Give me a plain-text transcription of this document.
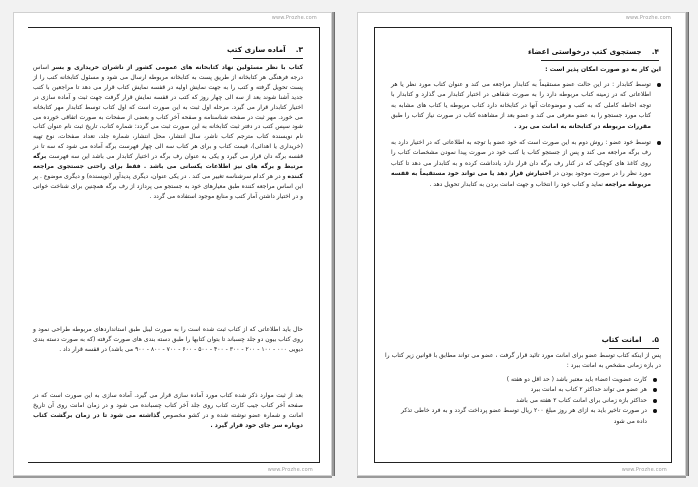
www.Prozhe.com
۳.  آماده سازی کتب
کتاب با نظر مسئولین نهاد کتابخانه های عمومی کشور از ناشران خریداری و بسر اساس درجه فرهنگی هر کتابخانه از طریق پست به کتابخانه مربوطه ارسال می شود و مسئول کتابخانه کتب را از پست تحویل گرفته و کتب را به جهت نمایش اولیه در قفسه نمایش کتاب قرار می دهد تا مراجعین با کتب جدید آشنا شوند بعد از سه الی چهار روز که کتب در قفسه نمایش قرار گرفت جهت ثبت و آماده سازی در اختیار کتابدار قرار می گیرد. مرحله اول ثبت به این صورت است که اول کتاب توسط کتابدار مهر کتابخانه می خورد. مهر ثبت در صفحه شناسنامه و صفحه آخر کتاب و بعضی از صفحات به صورت اتفاقی خورده می شود سپس کتب در دفتر ثبت کتابخانه به این صورت ثبت می گردد: شماره کتاب، تاریخ ثبت نام عنوان کتاب نام نویسنده کتاب مترجم کتاب ناشر، سال انتشار، محل انتشار، شماره جلد، تعداد صفحات، نوع تهیه (خریداری یا اهدائی)، قیمت کتاب و برای هر کتاب سه الی چهار فهرست برگه آماده می شود که سه تا در قفسه برگه دان قرار می گیرد و یکی به عنوان رف برگه در اختیار کتابدار می باشد این سه فهرست برگه مرتبط و برگه های نیز اطلاعات یکسانی می باشد . فقط برای راحتی جستجوی مراجعه کننده و در هر کدام سرشناسه تغییر می کند . در یکی عنوان، دیگری پدیدآور (نویسنده) و دیگری موضوع . پر این اساس مراجعه کننده طبق معیارهای خود به جستجو می پردازد از رف برگه همچنین برای شناخت خوانی و در اختیار داشتن آمار کتب و منابع موجود استفاده می گردد .
حال باید اطلاعاتی که از کتاب ثبت شده است را به صورت لیبل طبق استانداردهای مربوطه طراحی نمود و روی کتاب بیون دو جلد چسباند تا بتوان کتابها را طبق دسته بندی های صورت گرفته (که به صورت دسته بندی دیویی ۰۰۰ - ۱۰۰ - ۲۰۰ - ۳۰۰ - ۴۰۰ - ۵۰۰ - ۶۰۰ - ۷۰۰ - ۸۰۰ - ۹۰۰ می باشد) در قفسه قرار داد .
بعد از ثبت موارد ذکر شده کتاب مورد آماده سازی قرار می گیرد. آماده سازی به این صورت است که در صفحه آخر کتاب جیب کارت کتاب روی جلد آخر کتاب چسبانده می شود و در زمان امانت روی آن تاریخ امانت و شماره عضو نوشته شده و در کشو مخصوص گذاشته می شود تا در زمان برگشت کتاب دوباره سر جای خود قرار گیرد .
www.Prozhe.com
www.Prozhe.com
۴.  جستجوی کتب درخواستی اعضاء
این کار به دو صورت امکان پذیر است :
توسط کتابدار : در این حالت عضو مستقیماً به کتابدار مراجعه می کند و عنوان کتاب مورد نظر یا هر اطلاعاتی که در زمینه کتاب مربوطه دارد را به صورت شفاهی در اختیار کتابدار می گذارد و کتابدار با توجه احاطه کاملی که به کتب و موضوعات آنها در کتابخانه دارد کتاب مربوطه یا کتاب های مشابه به کتاب مورد جستجو را به عضو معرفی می کند و عضو بعد از مشاهده کتاب در صورت نیاز کتاب را طبق مقررات مربوطه در کتابخانه به امانت می برد .
توسط خود عضو : روش دوم به این صورت است که خود عضو با توجه به اطلاعاتی که در اختیار دارد به رف برگه مراجعه می کند و پس از جستجو کتاب یا کتب خود در صورت پیدا نمودن مشخصات کتاب را روی کاغذ های کوچکی که در کنار رف برگه دان قرار دارد یادداشت کرده و به کتابدار می دهد تا کتاب مورد نظر را در صورت موجود بودن در اختیارش قرار دهد یا می تواند خود مستقیماً به قفسه مربوطه مراجعه نماید و کتاب خود را انتخاب و جهت امانت بردن به کتابدار تحویل دهد .
۵.  امانت کتاب
پس از اینکه کتاب توسط عضو برای امانت مورد تائید قرار گرفت ، عضو می تواند مطابق با قوانین زیر کتاب را در بازه زمانی مشخص به امانت ببرد :
کارت عضویت اعضاء باید معتبر باشد ( حد اقل دو هفته )
هر عضو می تواند حداکثر ۲ کتاب به امانت ببرد
حداکثر بازه زمانی برای امانت کتاب ۲ هفته می باشد
در صورت تاخیر باید به ازای هر روز مبلغ ۲۰۰ ریال توسط عضو پرداخت گردد و به فرد خاطی تذکر داده می شود
www.Prozhe.com
